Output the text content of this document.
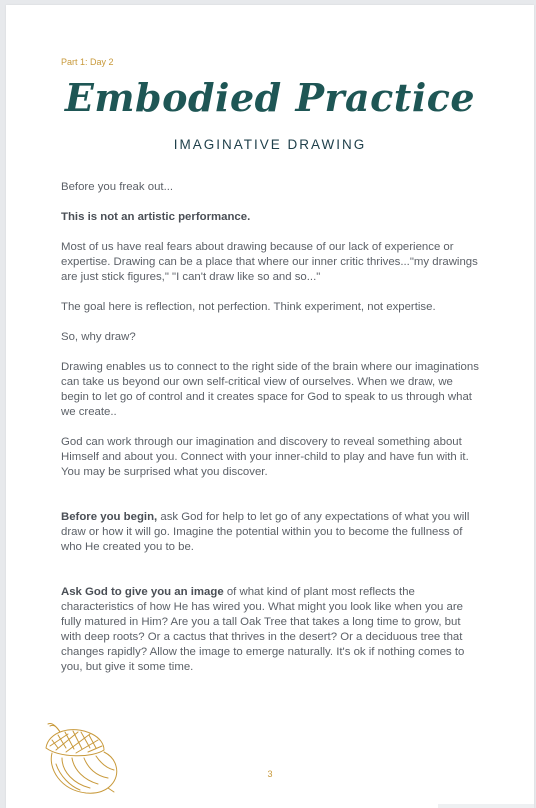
Part 1: Day 2
Embodied Practice
IMAGINATIVE DRAWING

Before you freak out...

This is not an artistic performance.

Most of us have real fears about drawing because of our lack of experience or expertise. Drawing can be a place that where our inner critic thrives..."my drawings are just stick figures," "I can't draw like so and so..."

The goal here is reflection, not perfection. Think experiment, not expertise.

So, why draw?

Drawing enables us to connect to the right side of the brain where our imaginations can take us beyond our own self-critical view of ourselves. When we draw, we begin to let go of control and it creates space for God to speak to us through what we create..

God can work through our imagination and discovery to reveal something about Himself and about you. Connect with your inner-child to play and have fun with it. You may be surprised what you discover.

Before you begin, ask God for help to let go of any expectations of what you will draw or how it will go. Imagine the potential within you to become the fullness of who He created you to be.

Ask God to give you an image of what kind of plant most reflects the characteristics of how He has wired you. What might you look like when you are fully matured in Him? Are you a tall Oak Tree that takes a long time to grow, but with deep roots? Or a cactus that thrives in the desert? Or a deciduous tree that changes rapidly? Allow the image to emerge naturally. It's ok if nothing comes to you, but give it some time.

3
